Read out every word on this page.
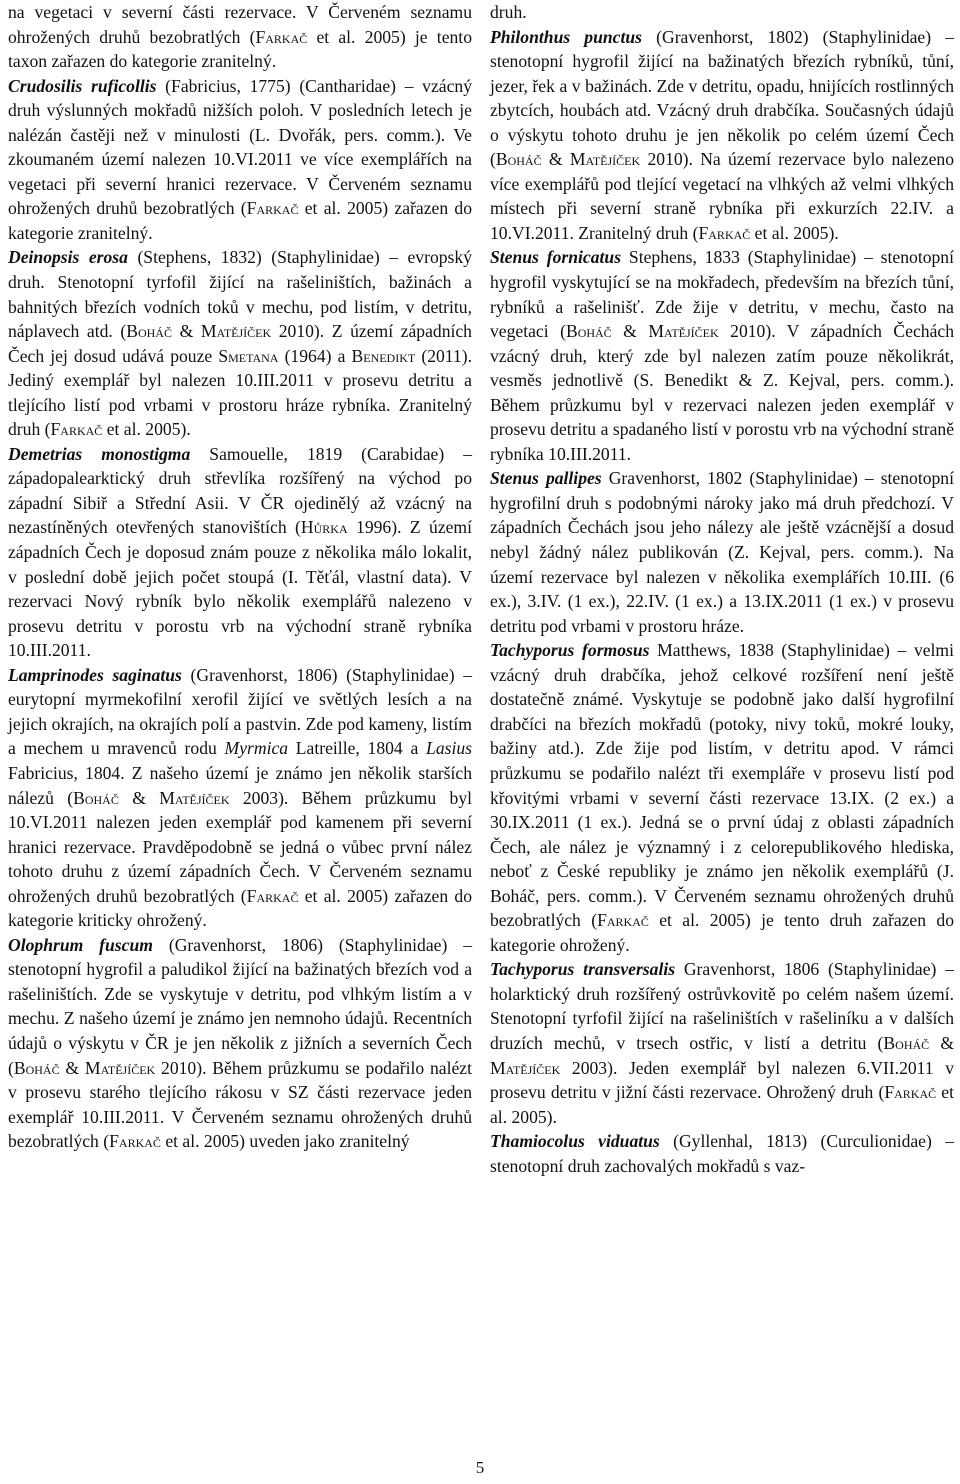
na vegetaci v severní části rezervace. V Červeném seznamu ohrožených druhů bezobratlých (Farkač et al. 2005) je tento taxon zařazen do kategorie zranitelný.

Crudosilis ruficollis (Fabricius, 1775) (Cantharidae) – vzácný druh výslunných mokřadů nižších poloh. V posledních letech je nalézán častěji než v minulosti (L. Dvořák, pers. comm.). Ve zkoumaném území nalezen 10.VI.2011 ve více exemplářích na vegetaci při severní hranici rezervace. V Červeném seznamu ohrožených druhů bezobratlých (Farkač et al. 2005) zařazen do kategorie zranitelný.

Deinopsis erosa (Stephens, 1832) (Staphylinidae) – evropský druh. Stenotopní tyrfofil žijící na rašeliništích, bažinách a bahnitých březích vodních toků v mechu, pod listím, v detritu, náplavech atd. (Boháč & Matějíček 2010). Z území západních Čech jej dosud udává pouze Smetana (1964) a Benedikt (2011). Jediný exemplář byl nalezen 10.III.2011 v prosevu detritu a tlejícího listí pod vrbami v prostoru hráze rybníka. Zranitelný druh (Farkač et al. 2005).

Demetrias monostigma Samouelle, 1819 (Carabidae) – západopalearktický druh střevlíka rozšířený na východ po západní Sibiř a Střední Asii. V ČR ojedinělý až vzácný na nezastíněných otevřených stanovištích (Hůrka 1996). Z území západních Čech je doposud znám pouze z několika málo lokalit, v poslední době jejich počet stoupá (I. Těťál, vlastní data). V rezervaci Nový rybník bylo několik exemplářů nalezeno v prosevu detritu v porostu vrb na východní straně rybníka 10.III.2011.

Lamprinodes saginatus (Gravenhorst, 1806) (Staphylinidae) – eurytopní myrmekofilní xerofil žijící ve světlých lesích a na jejich okrajích, na okrajích polí a pastvin. Zde pod kameny, listím a mechem u mravenců rodu Myrmica Latreille, 1804 a Lasius Fabricius, 1804. Z našeho území je známo jen několik starších nálezů (Boháč & Matějíček 2003). Během průzkumu byl 10.VI.2011 nalezen jeden exemplář pod kamenem při severní hranici rezervace. Pravděpodobně se jedná o vůbec první nález tohoto druhu z území západních Čech. V Červeném seznamu ohrožených druhů bezobratlých (Farkač et al. 2005) zařazen do kategorie kriticky ohrožený.

Olophrum fuscum (Gravenhorst, 1806) (Staphylinidae) – stenotopní hygrofil a paludikol žijící na bažinatých březích vod a rašeliništích. Zde se vyskytuje v detritu, pod vlhkým listím a v mechu. Z našeho území je známo jen nemnoho údajů. Recentních údajů o výskytu v ČR je jen několik z jižních a severních Čech (Boháč & Matějíček 2010). Během průzkumu se podařilo nalézt v prosevu starého tlejícího rákosu v SZ části rezervace jeden exemplář 10.III.2011. V Červeném seznamu ohrožených druhů bezobratlých (Farkač et al. 2005) uveden jako zranitelný

druh.

Philonthus punctus (Gravenhorst, 1802) (Staphylinidae) – stenotopní hygrofil žijící na bažinatých březích rybníků, tůní, jezer, řek a v bažinách. Zde v detritu, opadu, hnijících rostlinných zbytcích, houbách atd. Vzácný druh drabčíka. Současných údajů o výskytu tohoto druhu je jen několik po celém území Čech (Boháč & Matějíček 2010). Na území rezervace bylo nalezeno více exemplářů pod tlející vegetací na vlhkých až velmi vlhkých místech při severní straně rybníka při exkurzích 22.IV. a 10.VI.2011. Zranitelný druh (Farkač et al. 2005).

Stenus fornicatus Stephens, 1833 (Staphylinidae) – stenotopní hygrofil vyskytující se na mokřadech, především na březích tůní, rybníků a rašelinišť. Zde žije v detritu, v mechu, často na vegetaci (Boháč & Matějíček 2010). V západních Čechách vzácný druh, který zde byl nalezen zatím pouze několikrát, vesměs jednotlivě (S. Benedikt & Z. Kejval, pers. comm.). Během průzkumu byl v rezervaci nalezen jeden exemplář v prosevu detritu a spadaného listí v porostu vrb na východní straně rybníka 10.III.2011.

Stenus pallipes Gravenhorst, 1802 (Staphylinidae) – stenotopní hygrofilní druh s podobnými nároky jako má druh předchozí. V západních Čechách jsou jeho nálezy ale ještě vzácnější a dosud nebyl žádný nález publikován (Z. Kejval, pers. comm.). Na území rezervace byl nalezen v několika exemplářích 10.III. (6 ex.), 3.IV. (1 ex.), 22.IV. (1 ex.) a 13.IX.2011 (1 ex.) v prosevu detritu pod vrbami v prostoru hráze.

Tachyporus formosus Matthews, 1838 (Staphylinidae) – velmi vzácný druh drabčíka, jehož celkové rozšíření není ještě dostatečně známé. Vyskytuje se podobně jako další hygrofilní drabčíci na březích mokřadů (potoky, nivy toků, mokré louky, bažiny atd.). Zde žije pod listím, v detritu apod. V rámci průzkumu se podařilo nalézt tři exempláře v prosevu listí pod křovitými vrbami v severní části rezervace 13.IX. (2 ex.) a 30.IX.2011 (1 ex.). Jedná se o první údaj z oblasti západních Čech, ale nález je významný i z celorepublikového hlediska, neboť z České republiky je známo jen několik exemplářů (J. Boháč, pers. comm.). V Červeném seznamu ohrožených druhů bezobratlých (Farkač et al. 2005) je tento druh zařazen do kategorie ohrožený.

Tachyporus transversalis Gravenhorst, 1806 (Staphylinidae) – holarktický druh rozšířený ostrůvkovitě po celém našem území. Stenotopní tyrfofil žijící na rašeliništích v rašeliníku a v dalších druzích mechů, v trsech ostřic, v listí a detritu (Boháč & Matějíček 2003). Jeden exemplář byl nalezen 6.VII.2011 v prosevu detritu v jižní části rezervace. Ohrožený druh (Farkač et al. 2005).

Thamiocolus viduatus (Gyllenhal, 1813) (Curculionidae) – stenotopní druh zachovalých mokřadů s vaz-

5
